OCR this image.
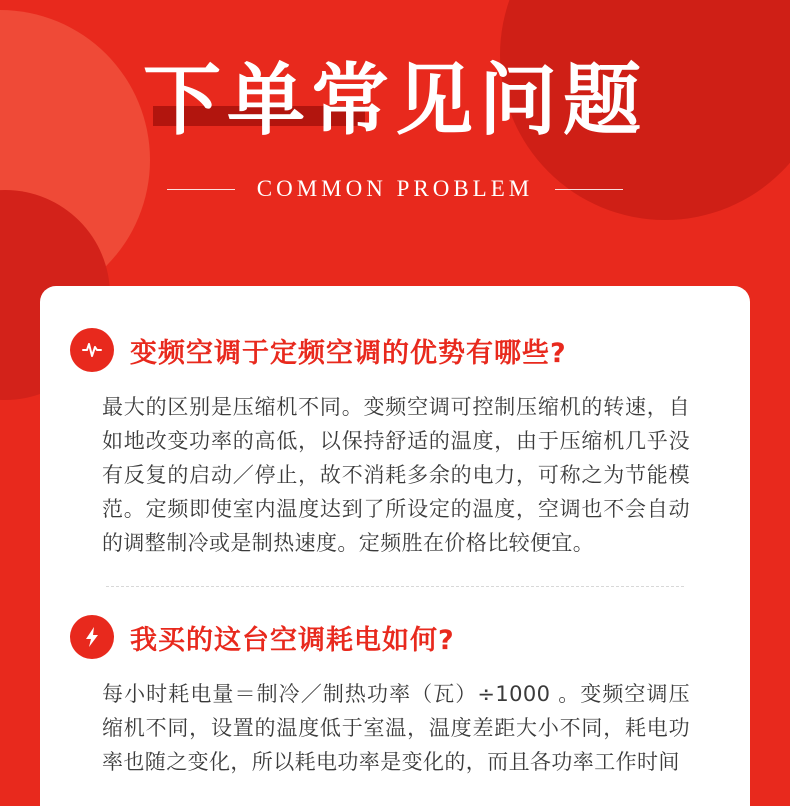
下单常见问题
COMMON PROBLEM
变频空调于定频空调的优势有哪些?
最大的区别是压缩机不同。变频空调可控制压缩机的转速，自如地改变功率的高低，以保持舒适的温度，由于压缩机几乎没有反复的启动／停止，故不消耗多余的电力，可称之为节能模范。定频即使室内温度达到了所设定的温度，空调也不会自动的调整制冷或是制热速度。定频胜在价格比较便宜。
我买的这台空调耗电如何?
每小时耗电量＝制冷／制热功率（瓦）÷1000 。变频空调压缩机不同，设置的温度低于室温，温度差距大小不同，耗电功率也随之变化，所以耗电功率是变化的，而且各功率工作时间
